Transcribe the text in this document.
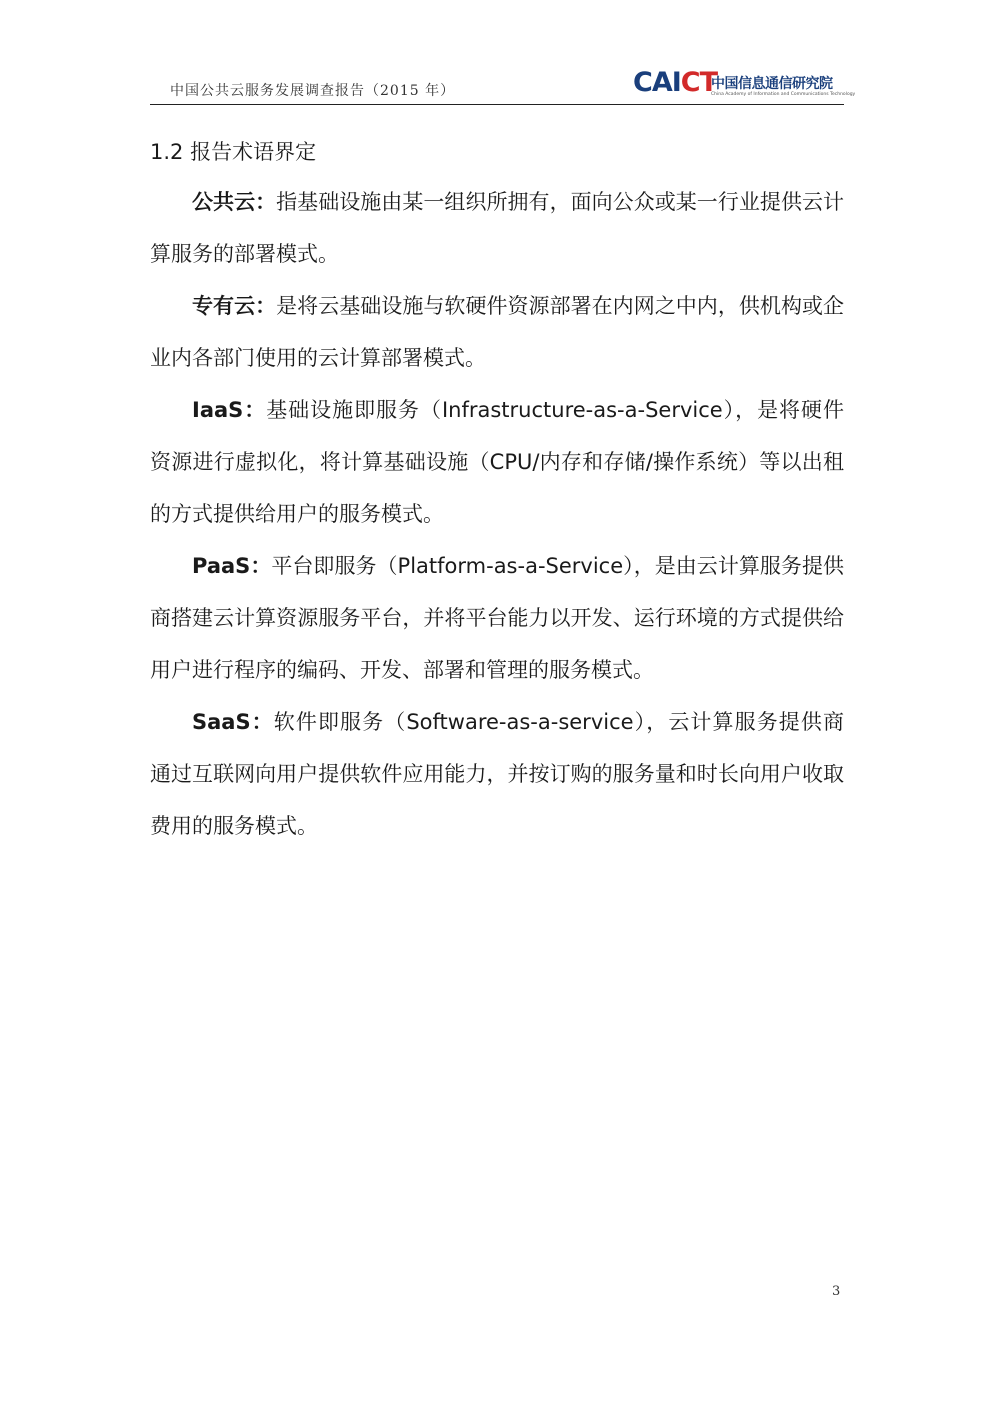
中国公共云服务发展调查报告（2015 年）	CAICT
中国信息通信研究院
China Academy of Information and Communications Technology
1.2 报告术语界定

公共云：指基础设施由某一组织所拥有，面向公众或某一行业提供云计算服务的部署模式。

专有云：是将云基础设施与软硬件资源部署在内网之中内，供机构或企业内各部门使用的云计算部署模式。

IaaS：基础设施即服务（Infrastructure-as-a-Service），是将硬件资源进行虚拟化，将计算基础设施（CPU/内存和存储/操作系统）等以出租的方式提供给用户的服务模式。

PaaS：平台即服务（Platform-as-a-Service），是由云计算服务提供商搭建云计算资源服务平台，并将平台能力以开发、运行环境的方式提供给用户进行程序的编码、开发、部署和管理的服务模式。

SaaS：软件即服务（Software-as-a-service），云计算服务提供商通过互联网向用户提供软件应用能力，并按订购的服务量和时长向用户收取费用的服务模式。

3
